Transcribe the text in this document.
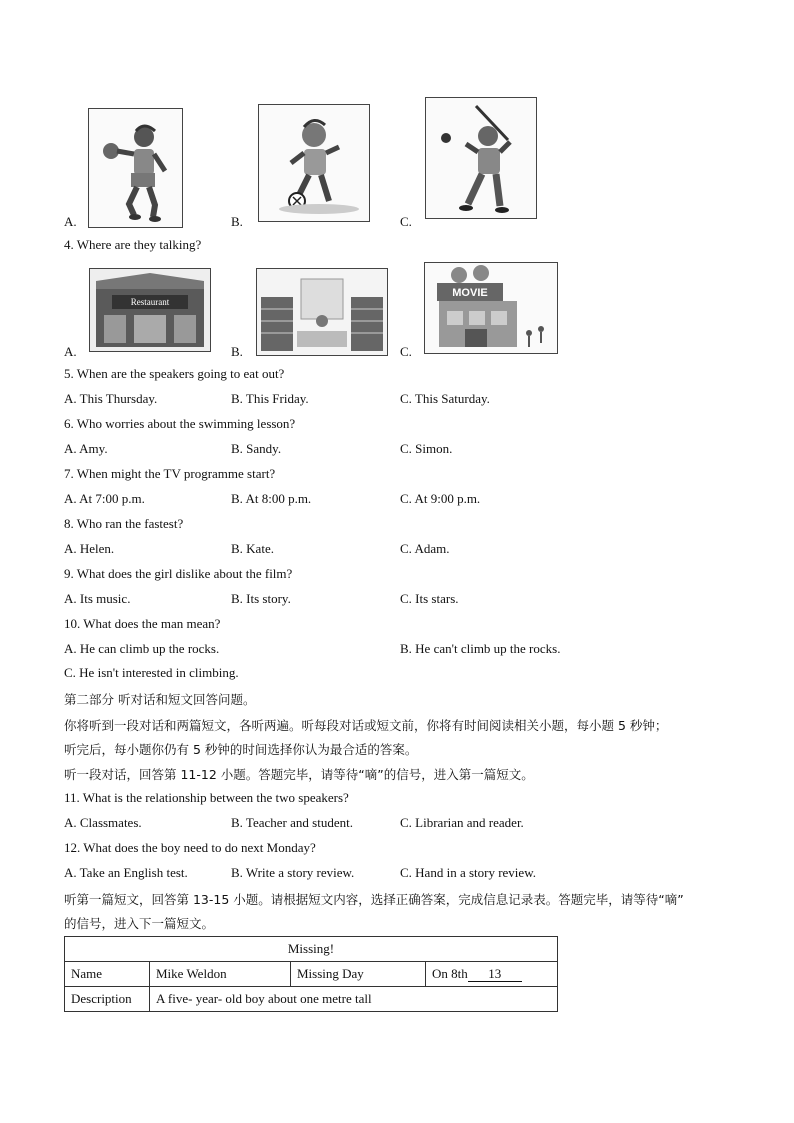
A.	B.	C.
4. Where are they talking?
Restaurant
A.	B.
MOVIE
C.
5. When are the speakers going to eat out?
A. This Thursday.	B. This Friday.	C. This Saturday.
6. Who worries about the swimming lesson?
A. Amy.	B. Sandy.	C. Simon.
7. When might the TV programme start?
A. At 7:00 p.m.	B. At 8:00 p.m.	C. At 9:00 p.m.
8. Who ran the fastest?
A. Helen.	B. Kate.	C. Adam.
9. What does the girl dislike about the film?
A. Its music.	B. Its story.	C. Its stars.
10. What does the man mean?
A. He can climb up the rocks.	B. He can't climb up the rocks.
C. He isn't interested in climbing.
第二部分 听对话和短文回答问题。
你将听到一段对话和两篇短文，各听两遍。听每段对话或短文前，你将有时间阅读相关小题，每小题 5 秒钟；
听完后，每小题你仍有 5 秒钟的时间选择你认为最合适的答案。
听一段对话，回答第 11-12 小题。答题完毕，请等待“嘀”的信号，进入第一篇短文。
11. What is the relationship between the two speakers?
A. Classmates.	B. Teacher and student.	C. Librarian and reader.
12. What does the boy need to do next Monday?
A. Take an English test.	B. Write a story review.	C. Hand in a story review.
听第一篇短文，回答第 13-15 小题。请根据短文内容，选择正确答案，完成信息记录表。答题完毕，请等待“嘀”
的信号，进入下一篇短文。
Missing!			
Name	Mike Weldon	Missing Day	On 8th 13
Description	A five- year- old boy about one metre tall		
